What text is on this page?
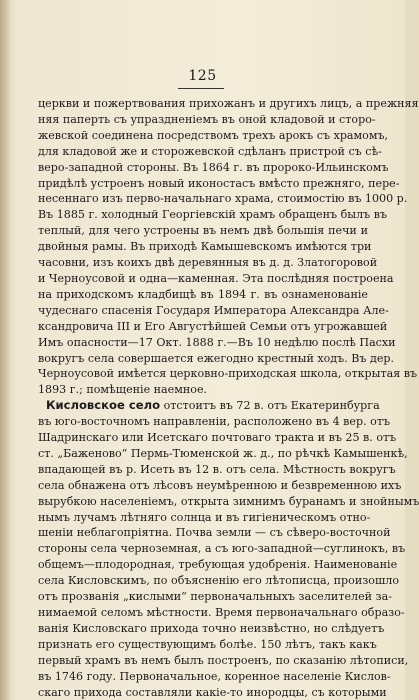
125
церкви и пожертвования прихожанъ и другихъ лицъ, а прежняя
няя паперть съ упраздненіемъ въ оной кладовой и сторо-
жевской соединена посредствомъ трехъ арокъ съ храмомъ,
для кладовой же и сторожевской сдѣланъ пристрой съ сѣ-
веро-западной стороны. Въ 1864 г. въ пророко-Ильинскомъ
придѣлѣ устроенъ новый иконостасъ вмѣсто прежняго, пере-
несеннаго изъ перво-начальнаго храма, стоимостію въ 1000 р.
Въ 1885 г. холодный Георгіевскій храмъ обращенъ былъ въ
теплый, для чего устроены въ немъ двѣ большія печи и
двойныя рамы. Въ приходѣ Камышевскомъ имѣются три
часовни, изъ коихъ двѣ деревянныя въ д. д. Златогоровой
и Черноусовой и одна—каменная. Эта послѣдняя построена
на приходскомъ кладбищѣ въ 1894 г. въ ознаменованіе
чудеснаго спасенія Государя Императора Александра Але-
ксандровича III и Его Августѣйшей Семьи отъ угрожавшей
Имъ опасности—17 Окт. 1888 г.—Въ 10 недѣлю послѣ Пасхи
вокругъ села совершается ежегодно крестный ходъ. Въ дер.
Черноусовой имѣется церковно-приходская школа, открытая въ
1893 г.; помѣщеніе наемное.
Кисловское село отстоитъ въ 72 в. отъ Екатеринбурга
въ юго-восточномъ направленіи, расположено въ 4 вер. отъ
Шадринскаго или Исетскаго почтоваго тракта и въ 25 в. отъ
ст. „Баженово“ Пермь-Тюменской ж. д., по рѣчкѣ Камышенкѣ,
впадающей въ р. Исеть въ 12 в. отъ села. Мѣстность вокругъ
села обнажена отъ лѣсовъ неумѣренною и безвременною ихъ
вырубкою населеніемъ, открыта зимнимъ буранамъ и знойнымъ
нымъ лучамъ лѣтняго солнца и въ гигіеническомъ отно-
шеніи неблагопріятна. Почва земли — съ сѣверо-восточной
стороны села черноземная, а съ юго-западной—суглинокъ, въ
общемъ—плодородная, требующая удобренія. Наименованіе
села Кисловскимъ, по объясненію его лѣтописца, произошло
отъ прозванія „кислыми“ первоначальныхъ заселителей за-
нимаемой селомъ мѣстности. Время первоначальнаго образо-
ванія Кисловскаго прихода точно неизвѣстно, но слѣдуетъ
признать его существующимъ болѣе. 150 лѣтъ, такъ какъ
первый храмъ въ немъ былъ построенъ, по сказанію лѣтописи,
въ 1746 году. Первоначальное, коренное населеніе Кислов-
скаго прихода составляли какіе-то инородцы, съ которыми
